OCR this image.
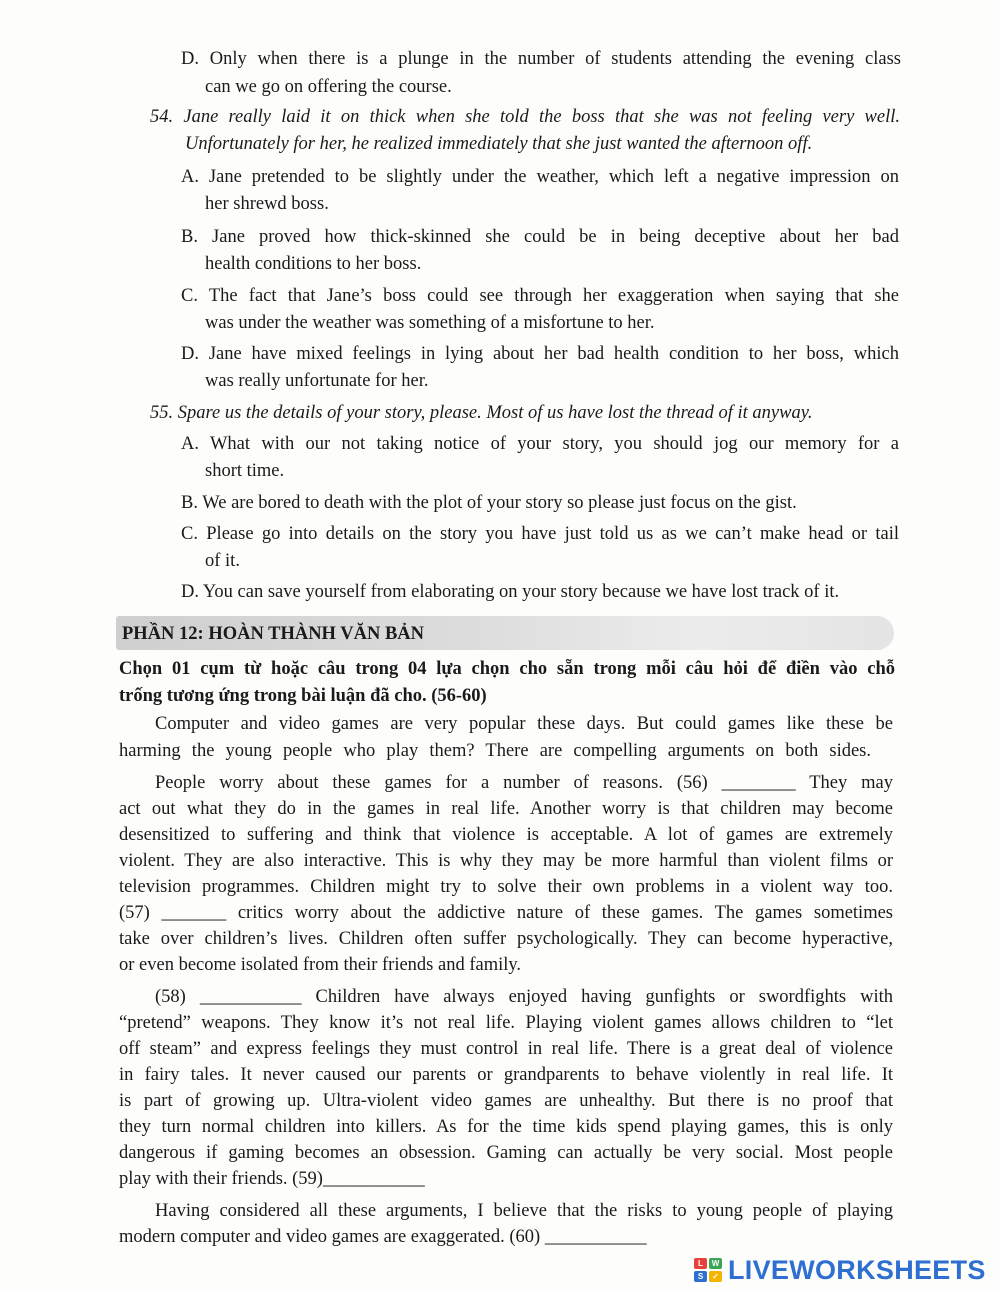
D. Only when there is a plunge in the number of students attending the evening class
can we go on offering the course.
54. Jane really laid it on thick when she told the boss that she was not feeling very well.
Unfortunately for her, he realized immediately that she just wanted the afternoon off.
A. Jane pretended to be slightly under the weather, which left a negative impression on
her shrewd boss.
B. Jane proved how thick-skinned she could be in being deceptive about her bad
health conditions to her boss.
C. The fact that Jane’s boss could see through her exaggeration when saying that she
was under the weather was something of a misfortune to her.
D. Jane have mixed feelings in lying about her bad health condition to her boss, which
was really unfortunate for her.
55. Spare us the details of your story, please. Most of us have lost the thread of it anyway.
A. What with our not taking notice of your story, you should jog our memory for a
short time.
B. We are bored to death with the plot of your story so please just focus on the gist.
C. Please go into details on the story you have just told us as we can’t make head or tail
of it.
D. You can save yourself from elaborating on your story because we have lost track of it.
PHẦN 12: HOÀN THÀNH VĂN BẢN
Chọn 01 cụm từ hoặc câu trong 04 lựa chọn cho sẵn trong mỗi câu hỏi để điền vào chỗ
trống tương ứng trong bài luận đã cho. (56-60)
Computer and video games are very popular these days. But could games like these be
harming the young people who play them? There are compelling arguments on both sides.
People worry about these games for a number of reasons. (56) ________ They may
act out what they do in the games in real life. Another worry is that children may become
desensitized to suffering and think that violence is acceptable. A lot of games are extremely
violent. They are also interactive. This is why they may be more harmful than violent films or
television programmes. Children might try to solve their own problems in a violent way too.
(57) _______ critics worry about the addictive nature of these games. The games sometimes
take over children’s lives. Children often suffer psychologically. They can become hyperactive,
or even become isolated from their friends and family.
(58) ___________ Children have always enjoyed having gunfights or swordfights with
“pretend” weapons. They know it’s not real life. Playing violent games allows children to “let
off steam” and express feelings they must control in real life. There is a great deal of violence
in fairy tales. It never caused our parents or grandparents to behave violently in real life. It
is part of growing up. Ultra-violent video games are unhealthy. But there is no proof that
they turn normal children into killers. As for the time kids spend playing games, this is only
dangerous if gaming becomes an obsession. Gaming can actually be very social. Most people
play with their friends. (59)___________
Having considered all these arguments, I believe that the risks to young people of playing
modern computer and video games are exaggerated. (60) ___________
L	W
S	✓ LIVEWORKSHEETS
